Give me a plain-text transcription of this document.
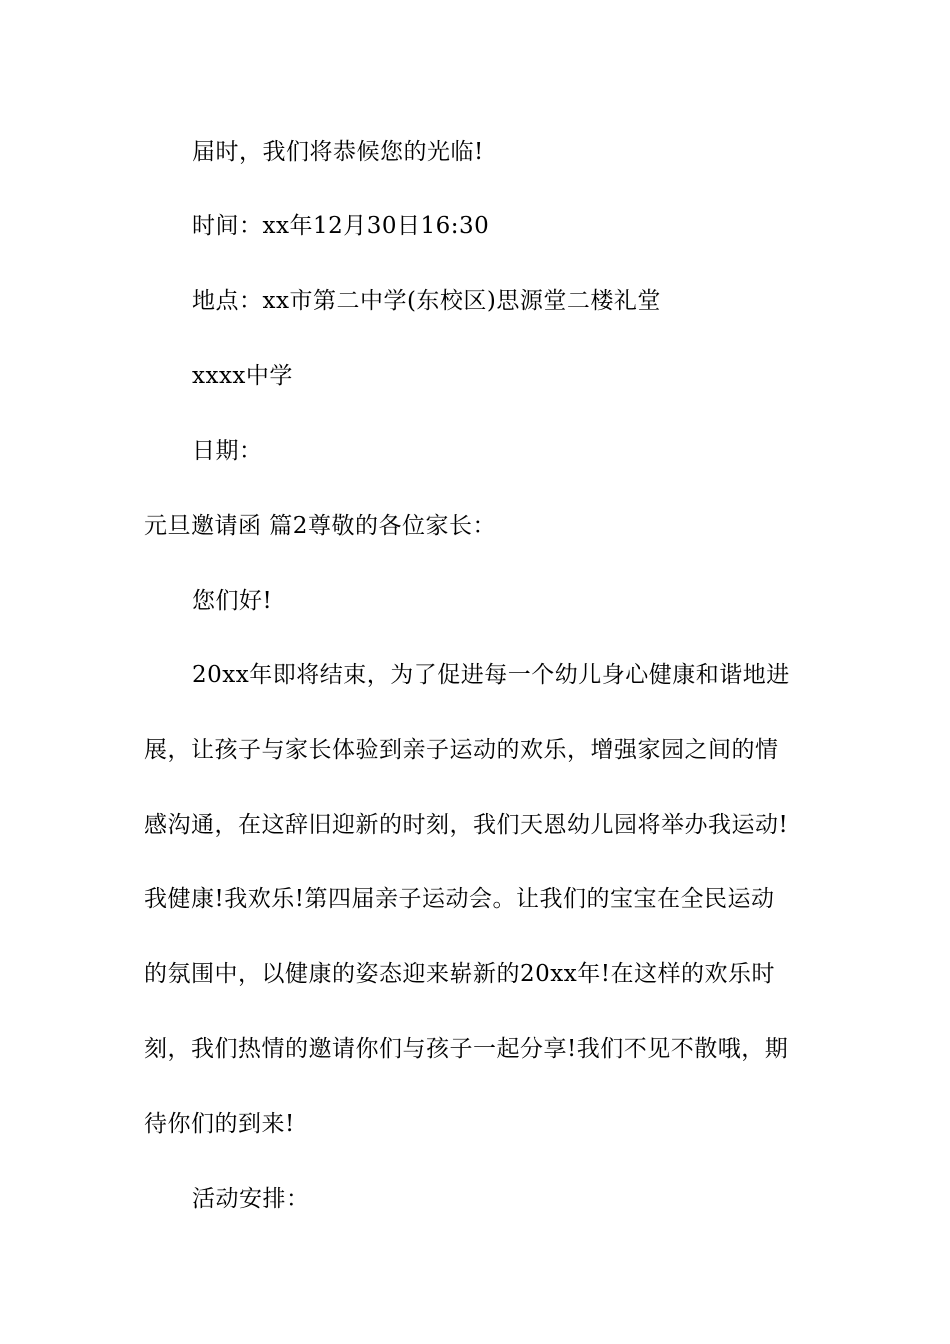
届时，我们将恭候您的光临!
时间：xx年12月30日16:30
地点：xx市第二中学(东校区)思源堂二楼礼堂
xxxx中学
日期：
元旦邀请函 篇2尊敬的各位家长：
您们好!
20xx年即将结束，为了促进每一个幼儿身心健康和谐地进
展，让孩子与家长体验到亲子运动的欢乐，增强家园之间的情
感沟通，在这辞旧迎新的时刻，我们天恩幼儿园将举办我运动!
我健康!我欢乐!第四届亲子运动会。让我们的宝宝在全民运动
的氛围中，以健康的姿态迎来崭新的20xx年!在这样的欢乐时
刻，我们热情的邀请你们与孩子一起分享!我们不见不散哦，期
待你们的到来!
活动安排：
